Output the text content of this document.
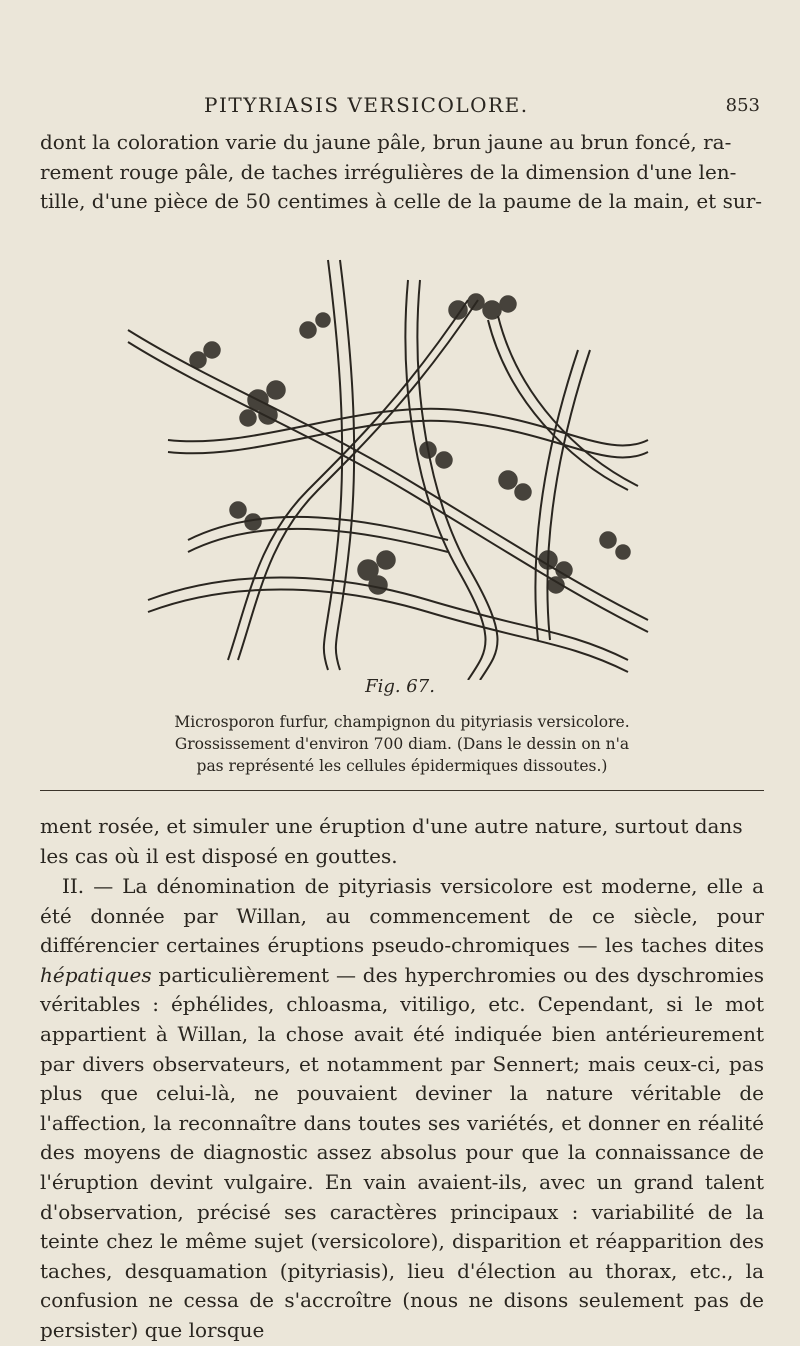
PITYRIASIS VERSICOLORE.	853

dont la coloration varie du jaune pâle, brun jaune au brun foncé, ra-
rement rouge pâle, de taches irrégulières de la dimension d'une len-
tille, d'une pièce de 50 centimes à celle de la paume de la main, et sur-

Fig. 67.

Microsporon furfur, champignon du pityriasis versicolore.

Grossissement d'environ 700 diam. (Dans le dessin on n'a

pas représenté les cellules épidermiques dissoutes.)

ment rosée, et simuler une éruption d'une autre nature, surtout dans
les cas où il est disposé en gouttes.

II. — La dénomination de pityriasis versicolore est moderne, elle a été donnée par Willan, au commencement de ce siècle, pour différencier certaines éruptions pseudo-chromiques — les taches dites hépatiques particulièrement — des hyperchromies ou des dyschromies véritables : éphélides, chloasma, vitiligo, etc. Cependant, si le mot appartient à Willan, la chose avait été indiquée bien antérieurement par divers observateurs, et notamment par Sennert; mais ceux-ci, pas plus que celui-là, ne pouvaient deviner la nature véritable de l'affection, la reconnaître dans toutes ses variétés, et donner en réalité des moyens de diagnostic assez absolus pour que la connaissance de l'éruption devint vulgaire. En vain avaient-ils, avec un grand talent d'observation, précisé ses caractères principaux : variabilité de la teinte chez le même sujet (versicolore), disparition et réapparition des taches, desquamation (pityriasis), lieu d'élection au thorax, etc., la confusion ne cessa de s'accroître (nous ne disons seulement pas de persister) que lorsque
